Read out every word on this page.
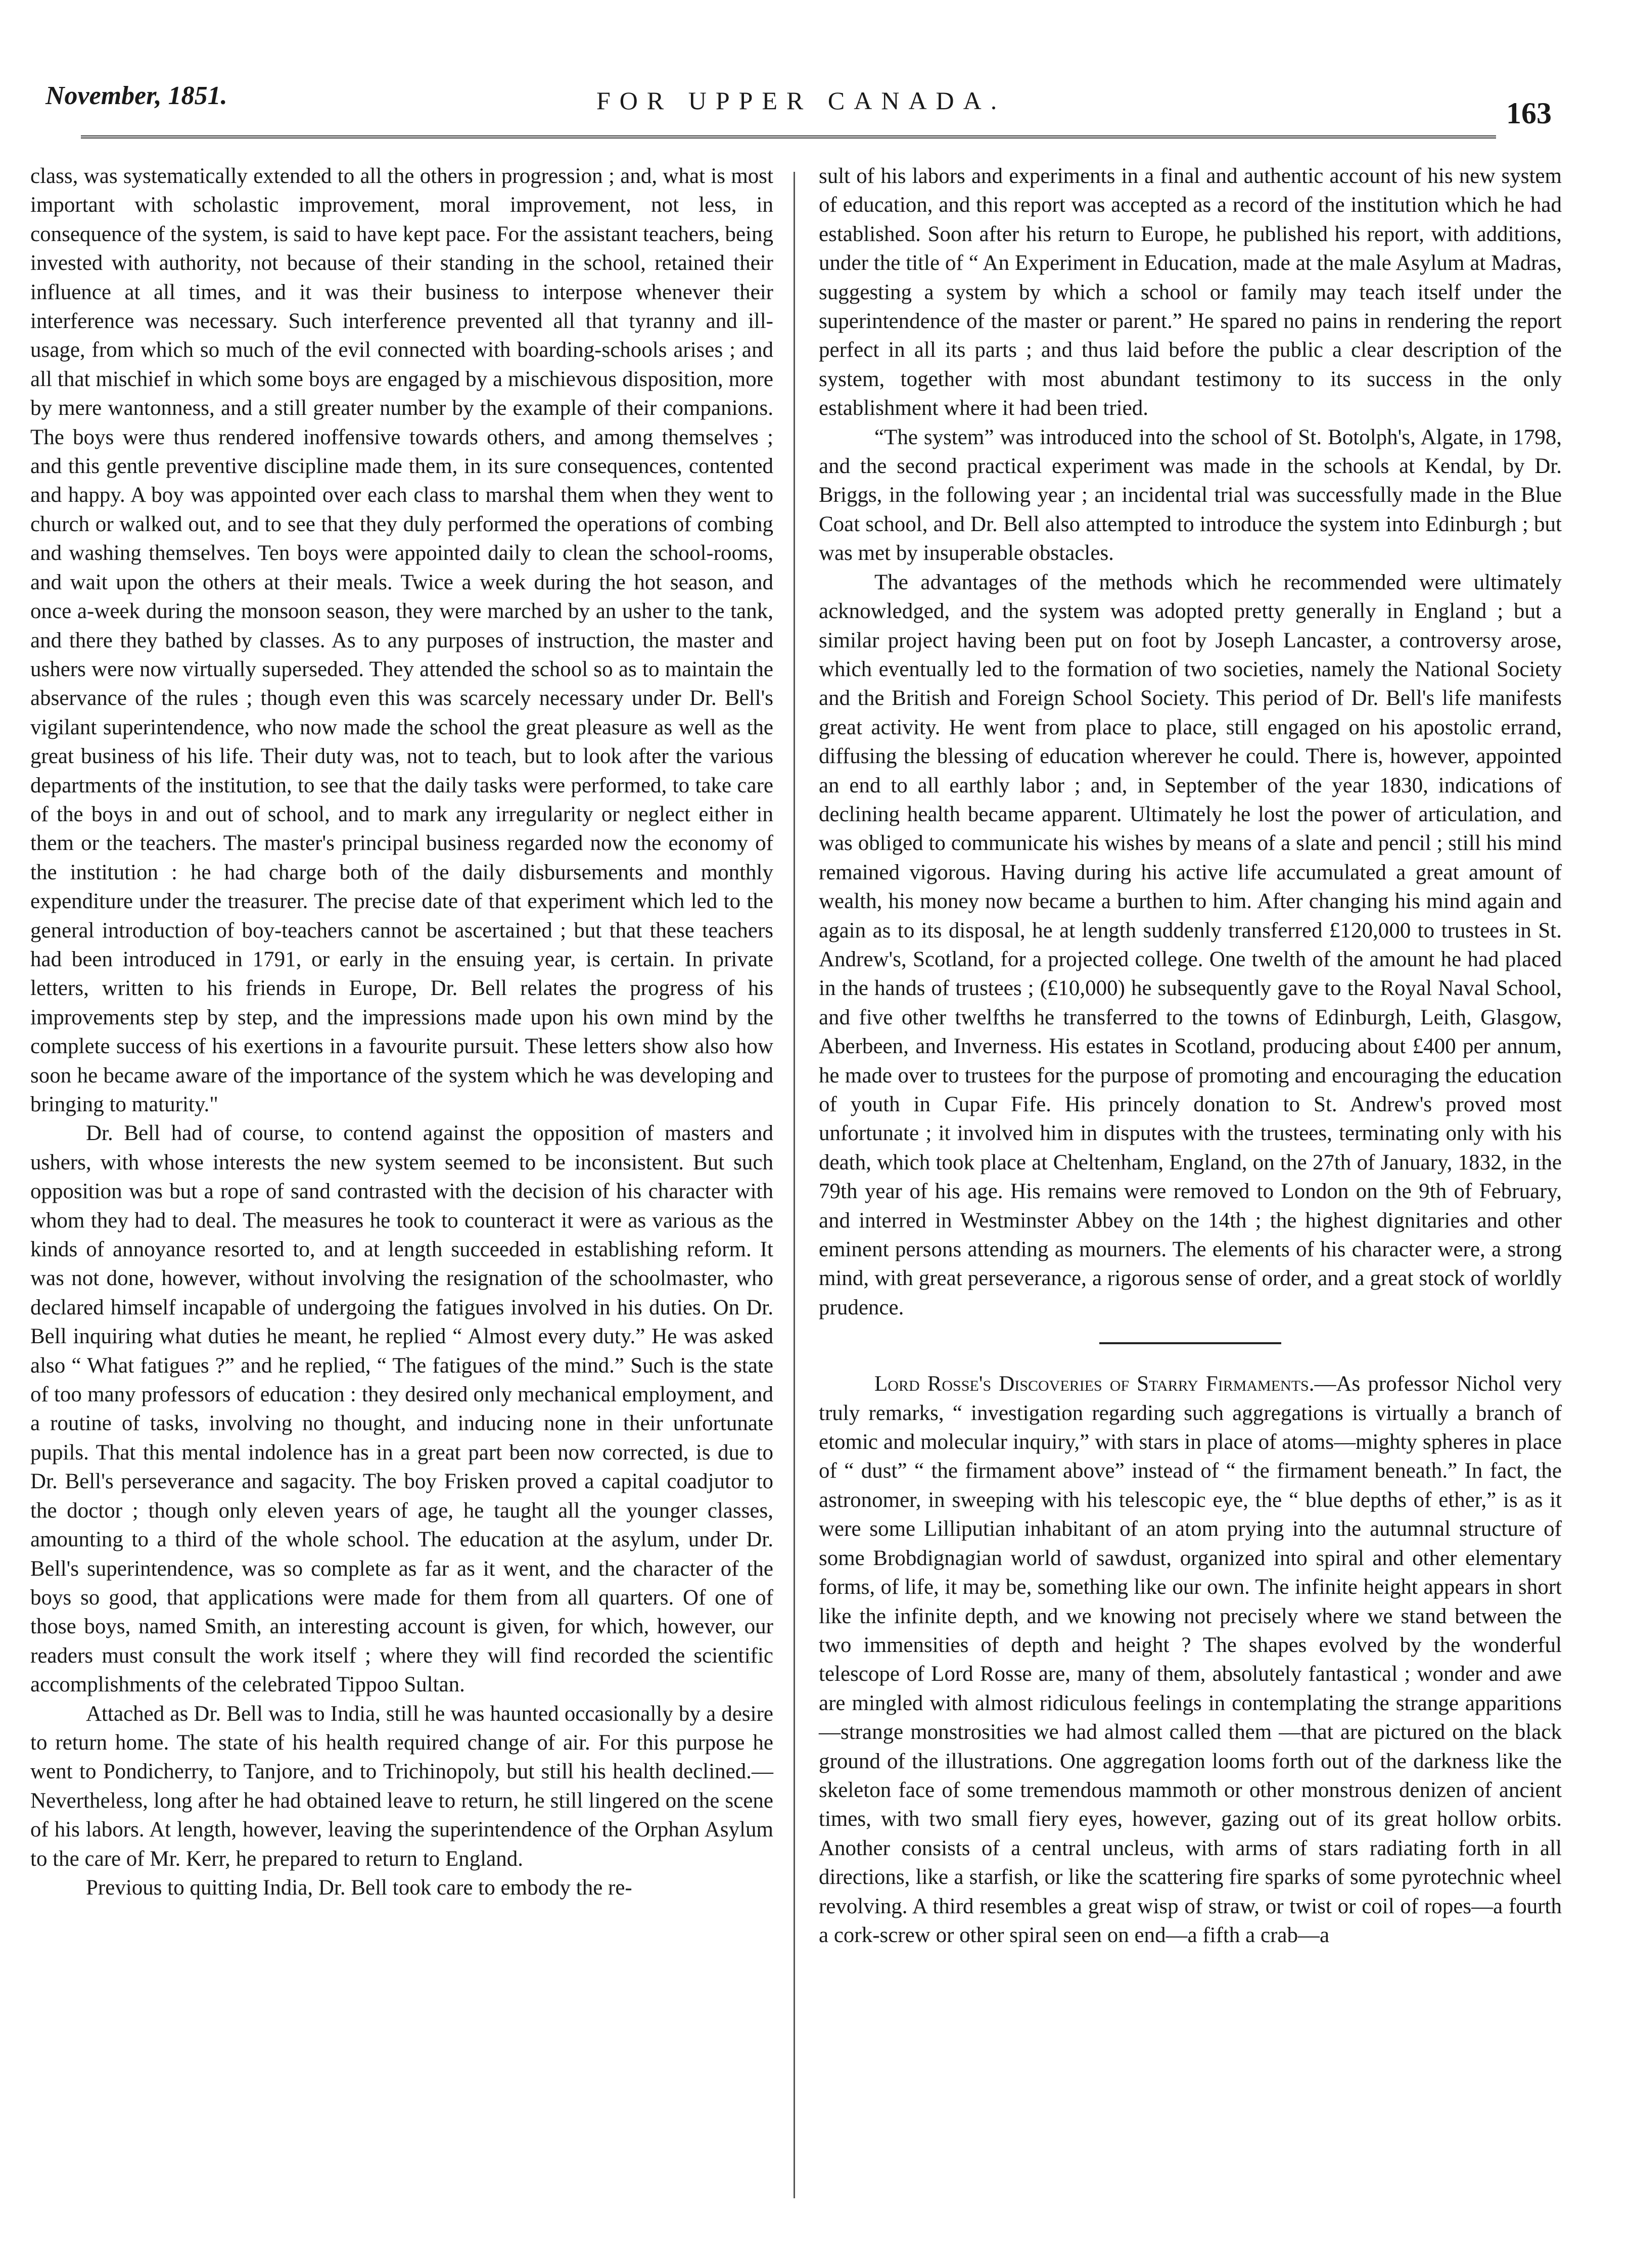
November, 1851.	FOR UPPER CANADA.	163

class, was systematically extended to all the others in progression ; and, what is most important with scholastic improvement, moral improvement, not less, in consequence of the system, is said to have kept pace. For the assistant teachers, being invested with authority, not because of their standing in the school, retained their influence at all times, and it was their business to interpose whenever their interference was necessary. Such interference prevented all that tyranny and ill-usage, from which so much of the evil connected with boarding-schools arises ; and all that mischief in which some boys are engaged by a mischievous disposition, more by mere wantonness, and a still greater number by the example of their companions. The boys were thus rendered inoffensive towards others, and among themselves ; and this gentle preventive discipline made them, in its sure consequences, contented and happy. A boy was appointed over each class to marshal them when they went to church or walked out, and to see that they duly performed the operations of combing and washing themselves. Ten boys were appointed daily to clean the school-rooms, and wait upon the others at their meals. Twice a week during the hot season, and once a-week during the monsoon season, they were marched by an usher to the tank, and there they bathed by classes. As to any purposes of instruction, the master and ushers were now virtually superseded. They attended the school so as to maintain the abservance of the rules ; though even this was scarcely necessary under Dr. Bell's vigilant superintendence, who now made the school the great pleasure as well as the great business of his life. Their duty was, not to teach, but to look after the various departments of the institution, to see that the daily tasks were performed, to take care of the boys in and out of school, and to mark any irregularity or neglect either in them or the teachers. The master's principal business regarded now the economy of the institution : he had charge both of the daily disbursements and monthly expenditure under the treasurer. The precise date of that experiment which led to the general introduction of boy-teachers cannot be ascertained ; but that these teachers had been introduced in 1791, or early in the ensuing year, is certain. In private letters, written to his friends in Europe, Dr. Bell relates the progress of his improvements step by step, and the impressions made upon his own mind by the complete success of his exertions in a favourite pursuit. These letters show also how soon he became aware of the importance of the system which he was developing and bringing to maturity."

Dr. Bell had of course, to contend against the opposition of masters and ushers, with whose interests the new system seemed to be inconsistent. But such opposition was but a rope of sand contrasted with the decision of his character with whom they had to deal. The measures he took to counteract it were as various as the kinds of annoyance resorted to, and at length succeeded in establishing reform. It was not done, however, without involving the resignation of the schoolmaster, who declared himself incapable of undergoing the fatigues involved in his duties. On Dr. Bell inquiring what duties he meant, he replied “ Almost every duty.” He was asked also “ What fatigues ?” and he replied, “ The fatigues of the mind.” Such is the state of too many professors of education : they desired only mechanical employment, and a routine of tasks, involving no thought, and inducing none in their unfortunate pupils. That this mental indolence has in a great part been now corrected, is due to Dr. Bell's perseverance and sagacity. The boy Frisken proved a capital coadjutor to the doctor ; though only eleven years of age, he taught all the younger classes, amounting to a third of the whole school. The education at the asylum, under Dr. Bell's superintendence, was so complete as far as it went, and the character of the boys so good, that applications were made for them from all quarters. Of one of those boys, named Smith, an interesting account is given, for which, however, our readers must consult the work itself ; where they will find recorded the scientific accomplishments of the celebrated Tippoo Sultan.

Attached as Dr. Bell was to India, still he was haunted occasionally by a desire to return home. The state of his health required change of air. For this purpose he went to Pondicherry, to Tanjore, and to Trichinopoly, but still his health declined.— Nevertheless, long after he had obtained leave to return, he still lingered on the scene of his labors. At length, however, leaving the superintendence of the Orphan Asylum to the care of Mr. Kerr, he prepared to return to England.

Previous to quitting India, Dr. Bell took care to embody the re-

sult of his labors and experiments in a final and authentic account of his new system of education, and this report was accepted as a record of the institution which he had established. Soon after his return to Europe, he published his report, with additions, under the title of “ An Experiment in Education, made at the male Asylum at Madras, suggesting a system by which a school or family may teach itself under the superintendence of the master or parent.” He spared no pains in rendering the report perfect in all its parts ; and thus laid before the public a clear description of the system, together with most abundant testimony to its success in the only establishment where it had been tried.

“The system” was introduced into the school of St. Botolph's, Algate, in 1798, and the second practical experiment was made in the schools at Kendal, by Dr. Briggs, in the following year ; an incidental trial was successfully made in the Blue Coat school, and Dr. Bell also attempted to introduce the system into Edinburgh ; but was met by insuperable obstacles.

The advantages of the methods which he recommended were ultimately acknowledged, and the system was adopted pretty generally in England ; but a similar project having been put on foot by Joseph Lancaster, a controversy arose, which eventually led to the formation of two societies, namely the National Society and the British and Foreign School Society. This period of Dr. Bell's life manifests great activity. He went from place to place, still engaged on his apostolic errand, diffusing the blessing of education wherever he could. There is, however, appointed an end to all earthly labor ; and, in September of the year 1830, indications of declining health became apparent. Ultimately he lost the power of articulation, and was obliged to communicate his wishes by means of a slate and pencil ; still his mind remained vigorous. Having during his active life accumulated a great amount of wealth, his money now became a burthen to him. After changing his mind again and again as to its disposal, he at length suddenly transferred £120,000 to trustees in St. Andrew's, Scotland, for a projected college. One twelth of the amount he had placed in the hands of trustees ; (£10,000) he subsequently gave to the Royal Naval School, and five other twelfths he transferred to the towns of Edinburgh, Leith, Glasgow, Aberbeen, and Inverness. His estates in Scotland, producing about £400 per annum, he made over to trustees for the purpose of promoting and encouraging the education of youth in Cupar Fife. His princely donation to St. Andrew's proved most unfortunate ; it involved him in disputes with the trustees, terminating only with his death, which took place at Cheltenham, England, on the 27th of January, 1832, in the 79th year of his age. His remains were removed to London on the 9th of February, and interred in Westminster Abbey on the 14th ; the highest dignitaries and other eminent persons attending as mourners. The elements of his character were, a strong mind, with great perseverance, a rigorous sense of order, and a great stock of worldly prudence.

Lord Rosse's Discoveries of Starry Firmaments.—As professor Nichol very truly remarks, “ investigation regarding such aggregations is virtually a branch of etomic and molecular inquiry,” with stars in place of atoms—mighty spheres in place of “ dust” “ the firmament above” instead of “ the firmament beneath.” In fact, the astronomer, in sweeping with his telescopic eye, the “ blue depths of ether,” is as it were some Lilliputian inhabitant of an atom prying into the autumnal structure of some Brobdignagian world of sawdust, organized into spiral and other elementary forms, of life, it may be, something like our own. The infinite height appears in short like the infinite depth, and we knowing not precisely where we stand between the two immensities of depth and height ? The shapes evolved by the wonderful telescope of Lord Rosse are, many of them, absolutely fantastical ; wonder and awe are mingled with almost ridiculous feelings in contemplating the strange apparitions—strange monstrosities we had almost called them —that are pictured on the black ground of the illustrations. One aggregation looms forth out of the darkness like the skeleton face of some tremendous mammoth or other monstrous denizen of ancient times, with two small fiery eyes, however, gazing out of its great hollow orbits. Another consists of a central uncleus, with arms of stars radiating forth in all directions, like a starfish, or like the scattering fire sparks of some pyrotechnic wheel revolving. A third resembles a great wisp of straw, or twist or coil of ropes—a fourth a cork-screw or other spiral seen on end—a fifth a crab—a
